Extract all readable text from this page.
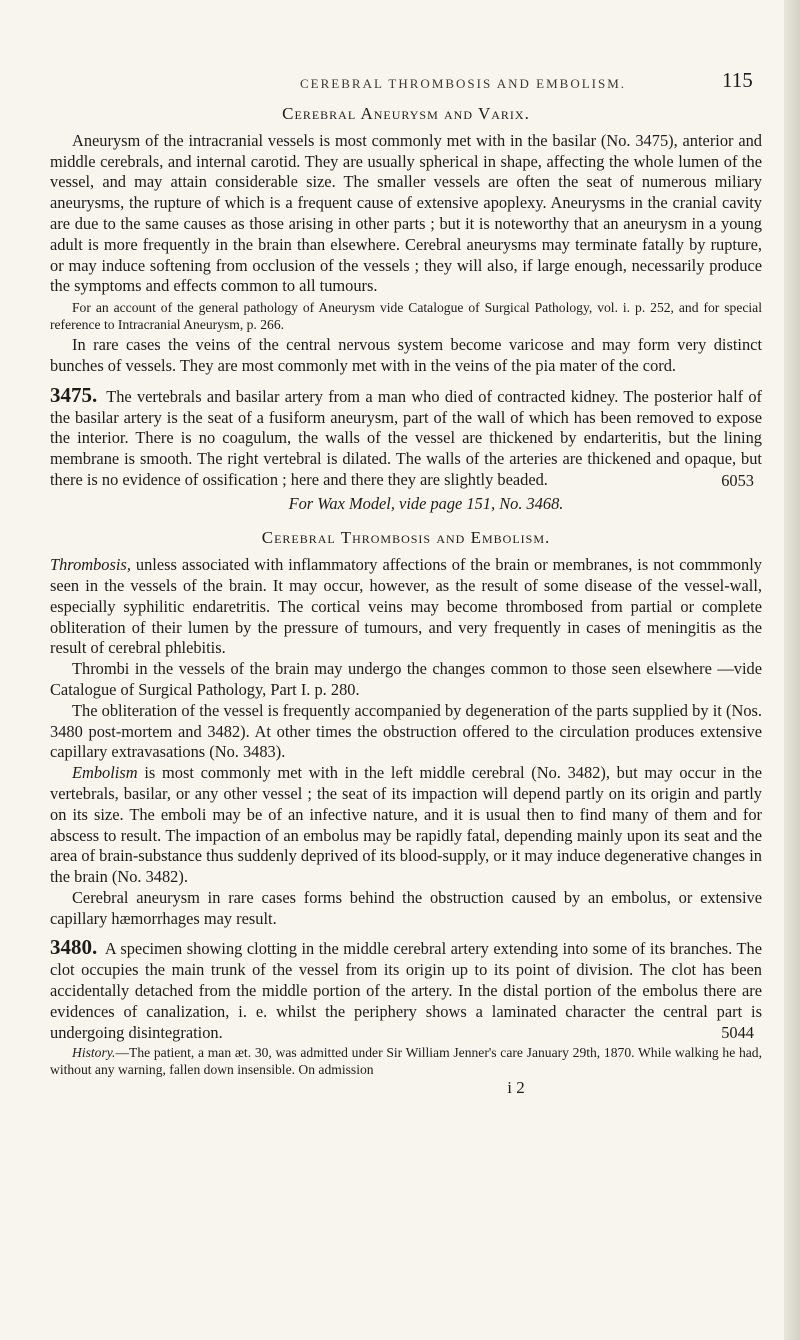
CEREBRAL THROMBOSIS AND EMBOLISM.	115
Cerebral Aneurysm and Varix.

Aneurysm of the intracranial vessels is most commonly met with in the basilar (No. 3475), anterior and middle cerebrals, and internal carotid. They are usually spherical in shape, affecting the whole lumen of the vessel, and may attain considerable size. The smaller vessels are often the seat of numerous miliary aneurysms, the rupture of which is a frequent cause of extensive apoplexy. Aneurysms in the cranial cavity are due to the same causes as those arising in other parts ; but it is noteworthy that an aneurysm in a young adult is more frequently in the brain than elsewhere. Cerebral aneurysms may terminate fatally by rupture, or may induce softening from occlusion of the vessels ; they will also, if large enough, necessarily produce the symptoms and effects common to all tumours.

For an account of the general pathology of Aneurysm vide Catalogue of Surgical Pathology, vol. i. p. 252, and for special reference to Intracranial Aneurysm, p. 266.

In rare cases the veins of the central nervous system become varicose and may form very distinct bunches of vessels. They are most commonly met with in the veins of the pia mater of the cord.

3475. The vertebrals and basilar artery from a man who died of contracted kidney. The posterior half of the basilar artery is the seat of a fusiform aneurysm, part of the wall of which has been removed to expose the interior. There is no coagulum, the walls of the vessel are thickened by endarteritis, but the lining membrane is smooth. The right vertebral is dilated. The walls of the arteries are thickened and opaque, but there is no evidence of ossification ; here and there they are slightly beaded.	6053
For Wax Model, vide page 151, No. 3468.
Cerebral Thrombosis and Embolism.

Thrombosis, unless associated with inflammatory affections of the brain or membranes, is not commmonly seen in the vessels of the brain. It may occur, however, as the result of some disease of the vessel-wall, especially syphilitic endaretritis. The cortical veins may become thrombosed from partial or complete obliteration of their lumen by the pressure of tumours, and very frequently in cases of meningitis as the result of cerebral phlebitis.

Thrombi in the vessels of the brain may undergo the changes common to those seen elsewhere —vide Catalogue of Surgical Pathology, Part I. p. 280.

The obliteration of the vessel is frequently accompanied by degeneration of the parts supplied by it (Nos. 3480 post-mortem and 3482). At other times the obstruction offered to the circulation produces extensive capillary extravasations (No. 3483).

Embolism is most commonly met with in the left middle cerebral (No. 3482), but may occur in the vertebrals, basilar, or any other vessel ; the seat of its impaction will depend partly on its origin and partly on its size. The emboli may be of an infective nature, and it is usual then to find many of them and for abscess to result. The impaction of an embolus may be rapidly fatal, depending mainly upon its seat and the area of brain-substance thus suddenly deprived of its blood-supply, or it may induce degenerative changes in the brain (No. 3482).

Cerebral aneurysm in rare cases forms behind the obstruction caused by an embolus, or extensive capillary hæmorrhages may result.

3480. A specimen showing clotting in the middle cerebral artery extending into some of its branches. The clot occupies the main trunk of the vessel from its origin up to its point of division. The clot has been accidentally detached from the middle portion of the artery. In the distal portion of the embolus there are evidences of canalization, i. e. whilst the periphery shows a laminated character the central part is undergoing disintegration.	5044

History.—The patient, a man æt. 30, was admitted under Sir William Jenner's care January 29th, 1870. While walking he had, without any warning, fallen down insensible. On admission

i 2
